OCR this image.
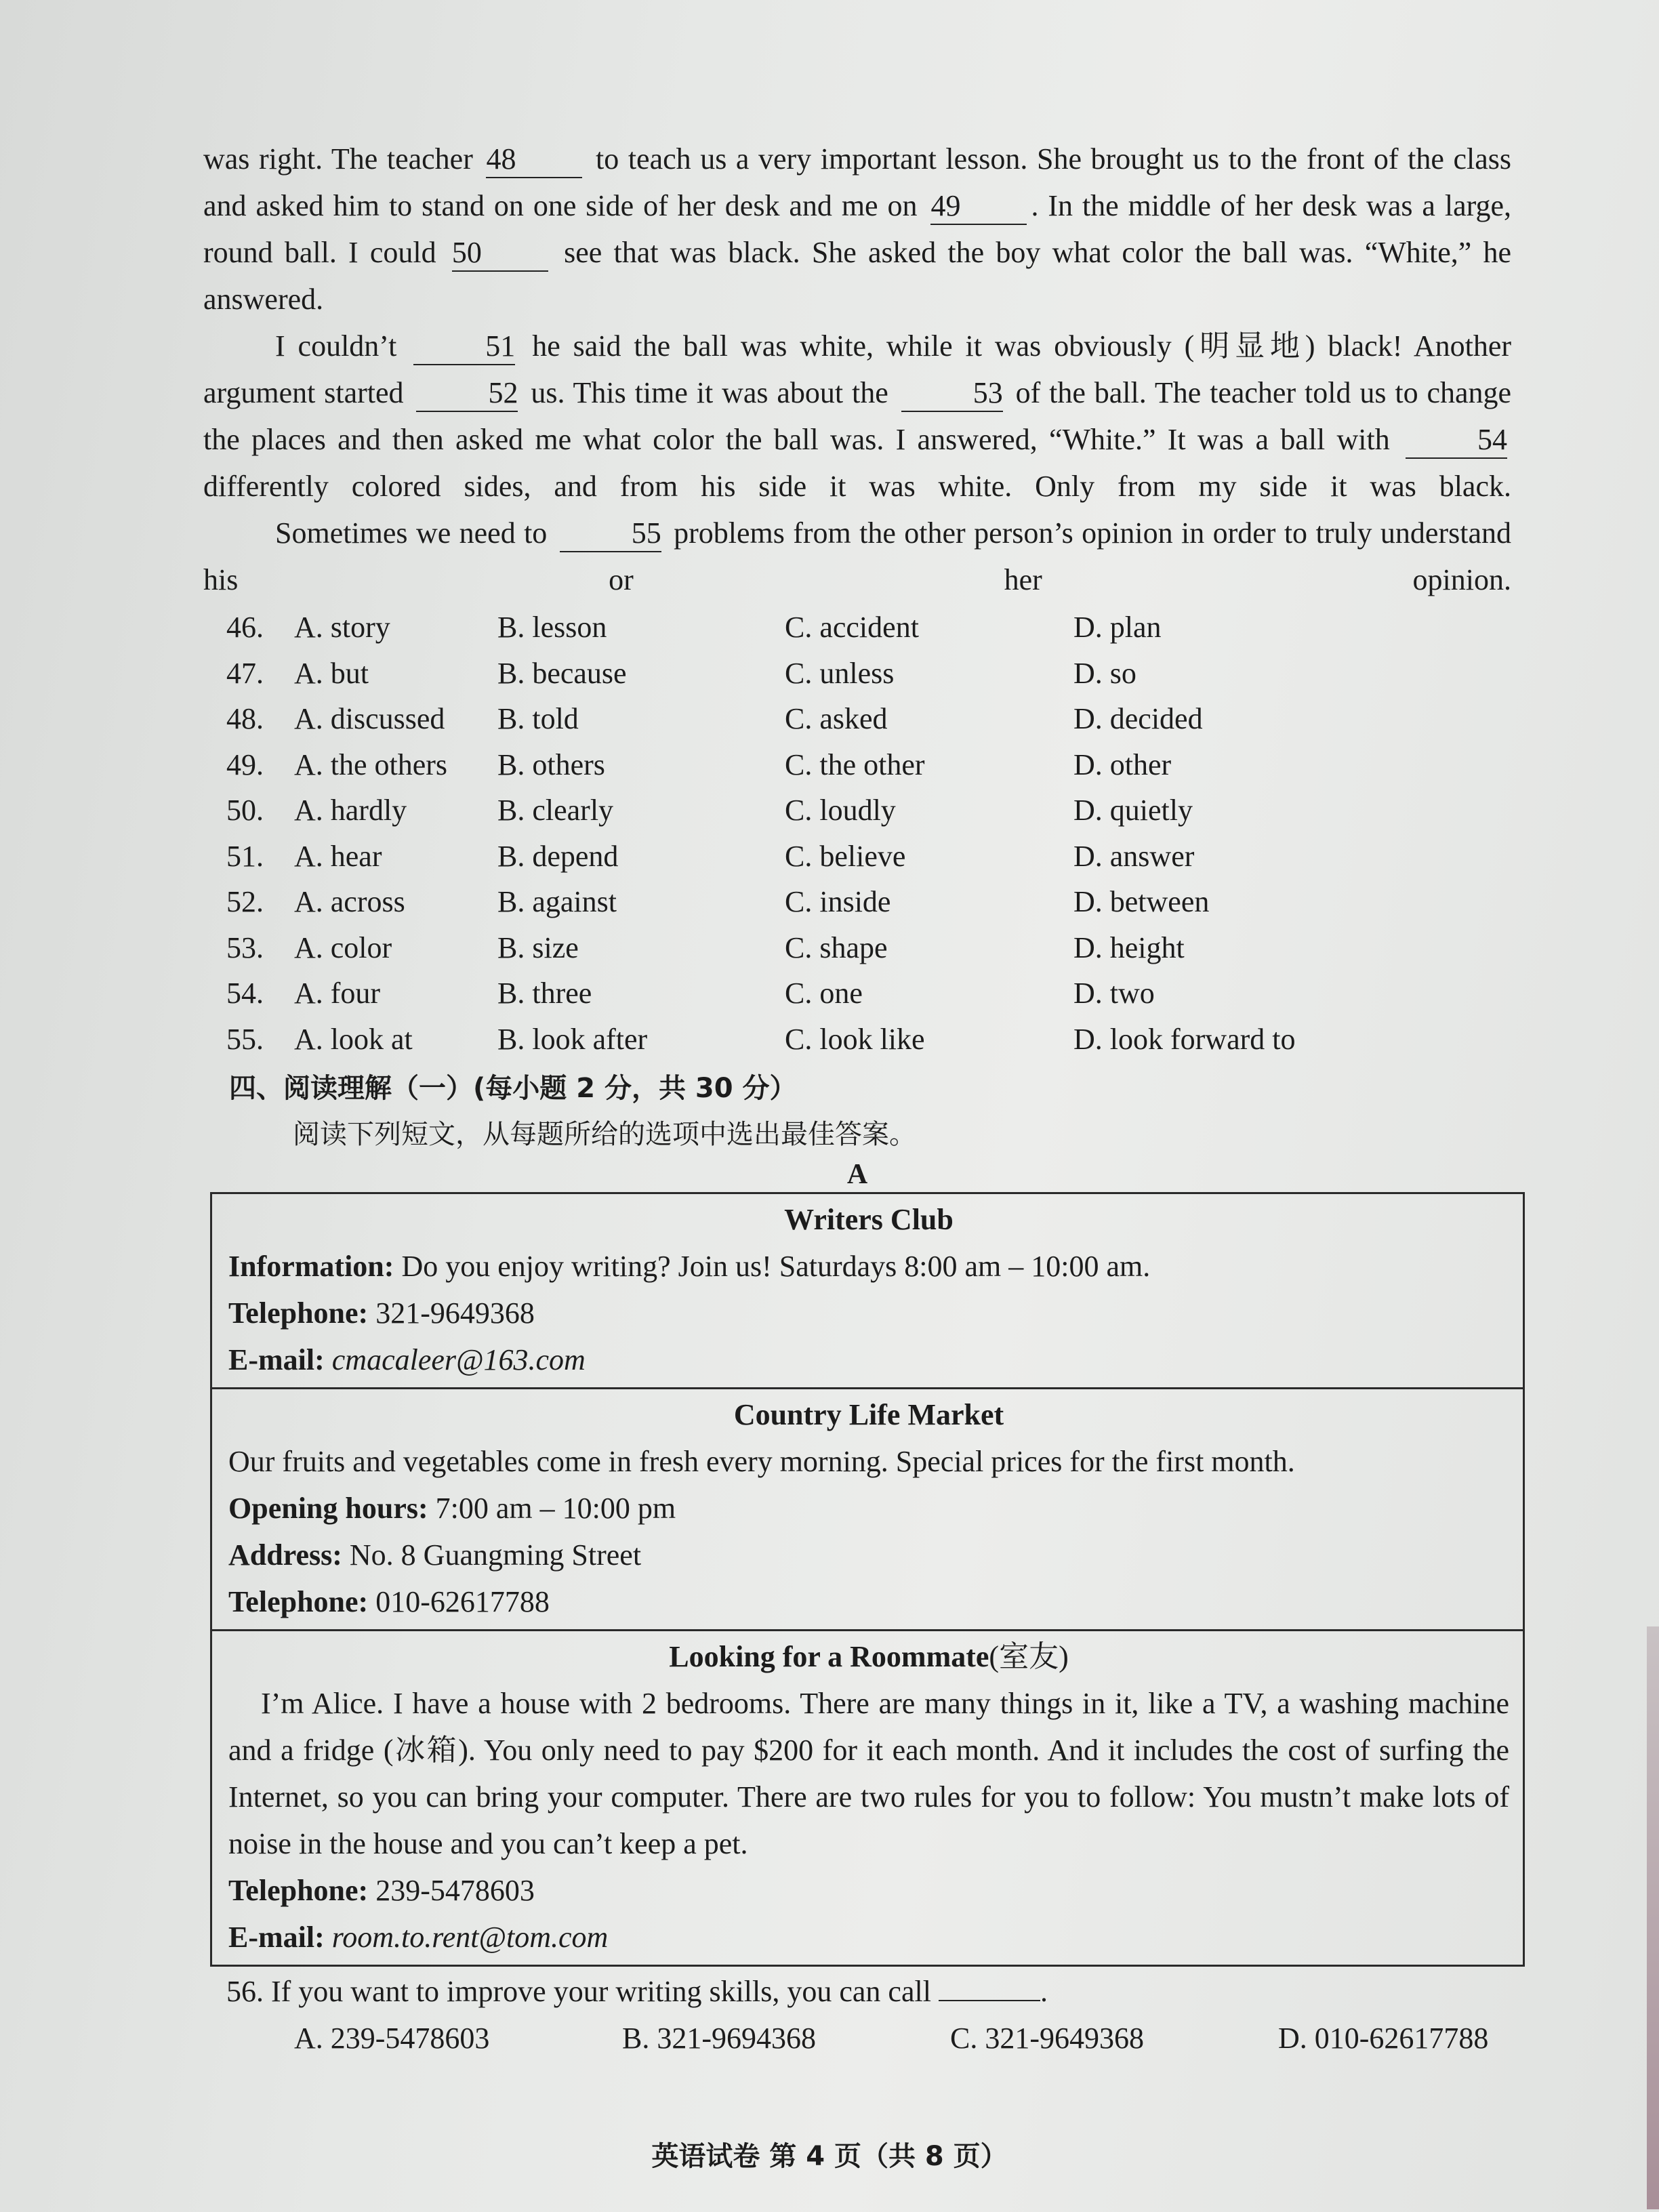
was right. The teacher 48	to teach us a very important lesson. She brought us to the front of the class and asked him to stand on one side of her desk and me on 49 . In the middle of her desk was a large, round ball. I could 50	see that was black. She asked the boy what color the ball was. “White,” he answered.

I couldn’t	51 he said the ball was white, while it was obviously (明显地) black! Another argument started	52 us. This time it was about the	53 of the ball. The teacher told us to change the places and then asked me what color the ball was. I answered, “White.” It was a ball with	54 differently colored sides, and from his side it was white. Only from my side it was black.

Sometimes we need to	55 problems from the other person’s opinion in order to truly understand his or her opinion.

46.	A. story	B. lesson	C. accident	D. plan
47.	A. but	B. because	C. unless	D. so
48.	A. discussed	B. told	C. asked	D. decided
49.	A. the others	B. others	C. the other	D. other
50.	A. hardly	B. clearly	C. loudly	D. quietly
51.	A. hear	B. depend	C. believe	D. answer
52.	A. across	B. against	C. inside	D. between
53.	A. color	B. size	C. shape	D. height
54.	A. four	B. three	C. one	D. two
55.	A. look at	B. look after	C. look like	D. look forward to
四、阅读理解（一）(每小题 2 分，共 30 分）
阅读下列短文，从每题所给的选项中选出最佳答案。
A
Writers Club
Information: Do you enjoy writing? Join us! Saturdays 8:00 am – 10:00 am.
Telephone: 321-9649368
E-mail: cmacaleer@163.com
Country Life Market
Our fruits and vegetables come in fresh every morning. Special prices for the first month.
Opening hours: 7:00 am – 10:00 pm
Address: No. 8 Guangming Street
Telephone: 010-62617788
Looking for a Roommate(室友)

I’m Alice. I have a house with 2 bedrooms. There are many things in it, like a TV, a washing machine and a fridge (冰箱). You only need to pay $200 for it each month. And it includes the cost of surfing the Internet, so you can bring your computer. There are two rules for you to follow: You mustn’t make lots of noise in the house and you can’t keep a pet.

Telephone: 239-5478603
E-mail: room.to.rent@tom.com
56. If you want to improve your writing skills, you can call	.
A. 239-5478603	B. 321-9694368	C. 321-9649368	D. 010-62617788
英语试卷 第 4 页（共 8 页）
